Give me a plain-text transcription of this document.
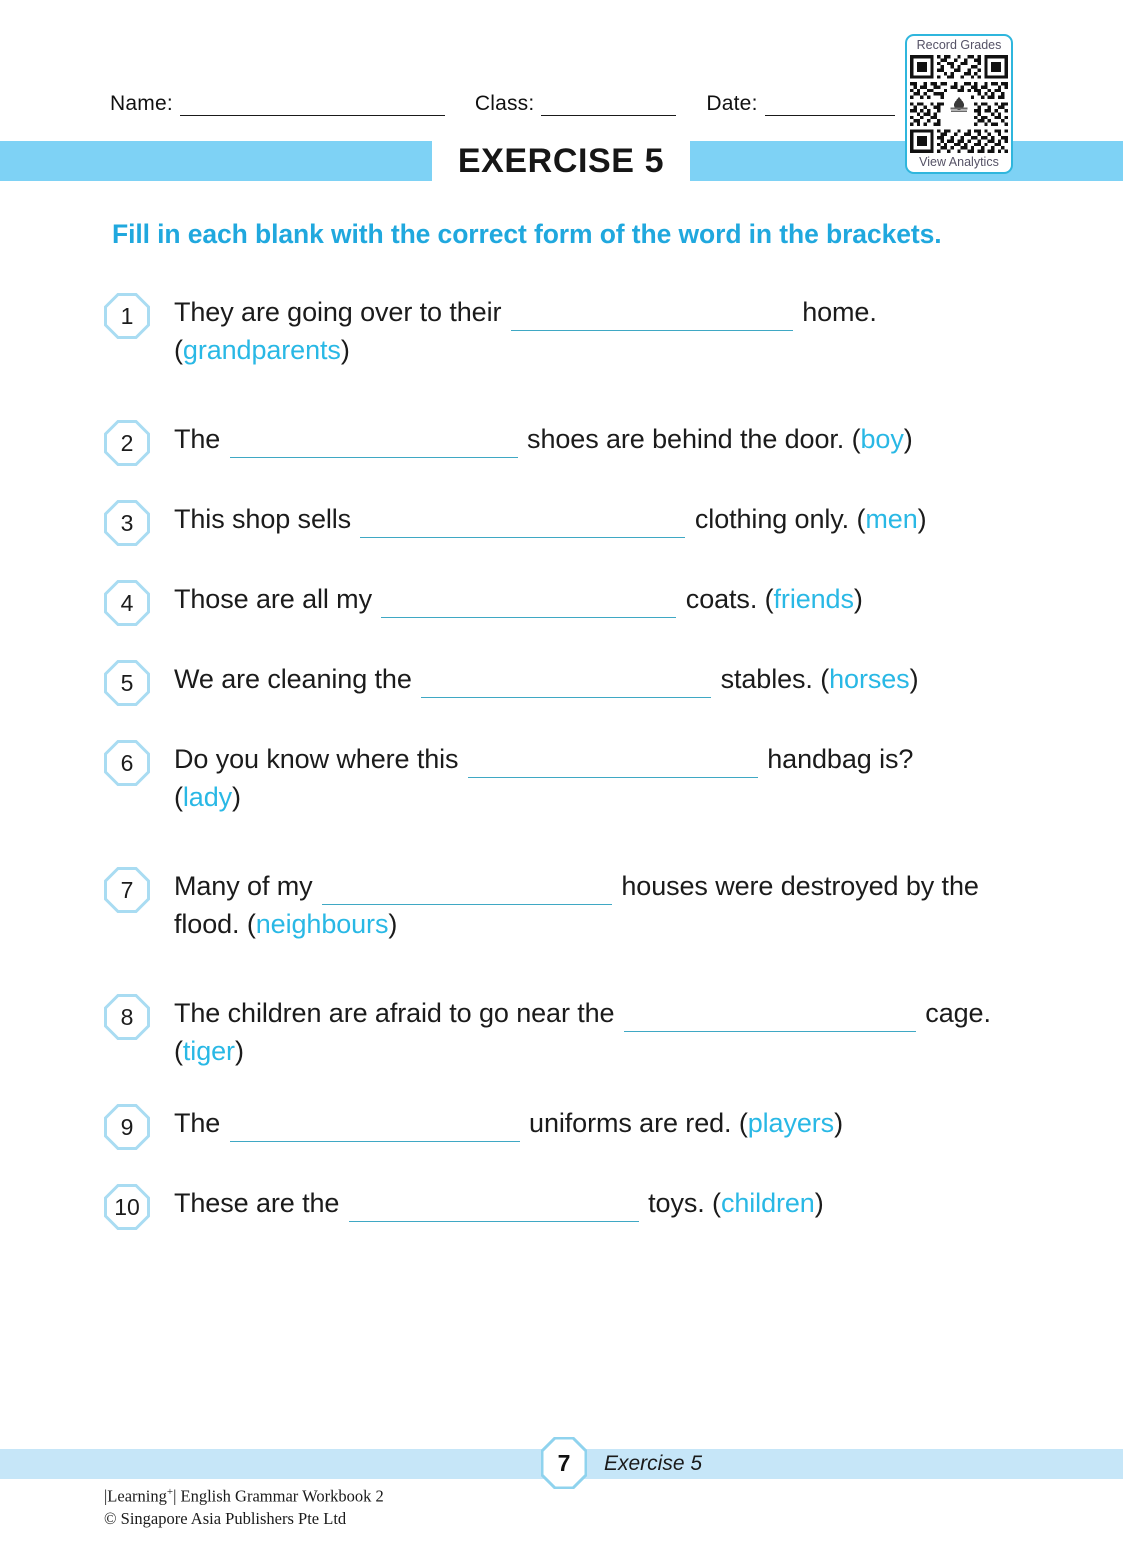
Name:	Class:	Date:
Record Grades
View Analytics
EXERCISE 5
Fill in each blank with the correct form of the word in the brackets.
1 They are going over to their	home.
(grandparents)
2 The	shoes are behind the door. (boy)
3 This shop sells	clothing only. (men)
4 Those are all my	coats. (friends)
5 We are cleaning the	stables. (horses)
6 Do you know where this	handbag is?
(lady)
7 Many of my	houses were destroyed by the flood. (neighbours)
8 The children are afraid to go near the	cage. (tiger)
9 The	uniforms are red. (players)
10 These are the	toys. (children)
7 Exercise 5
|Learning+| English Grammar Workbook 2
© Singapore Asia Publishers Pte Ltd
